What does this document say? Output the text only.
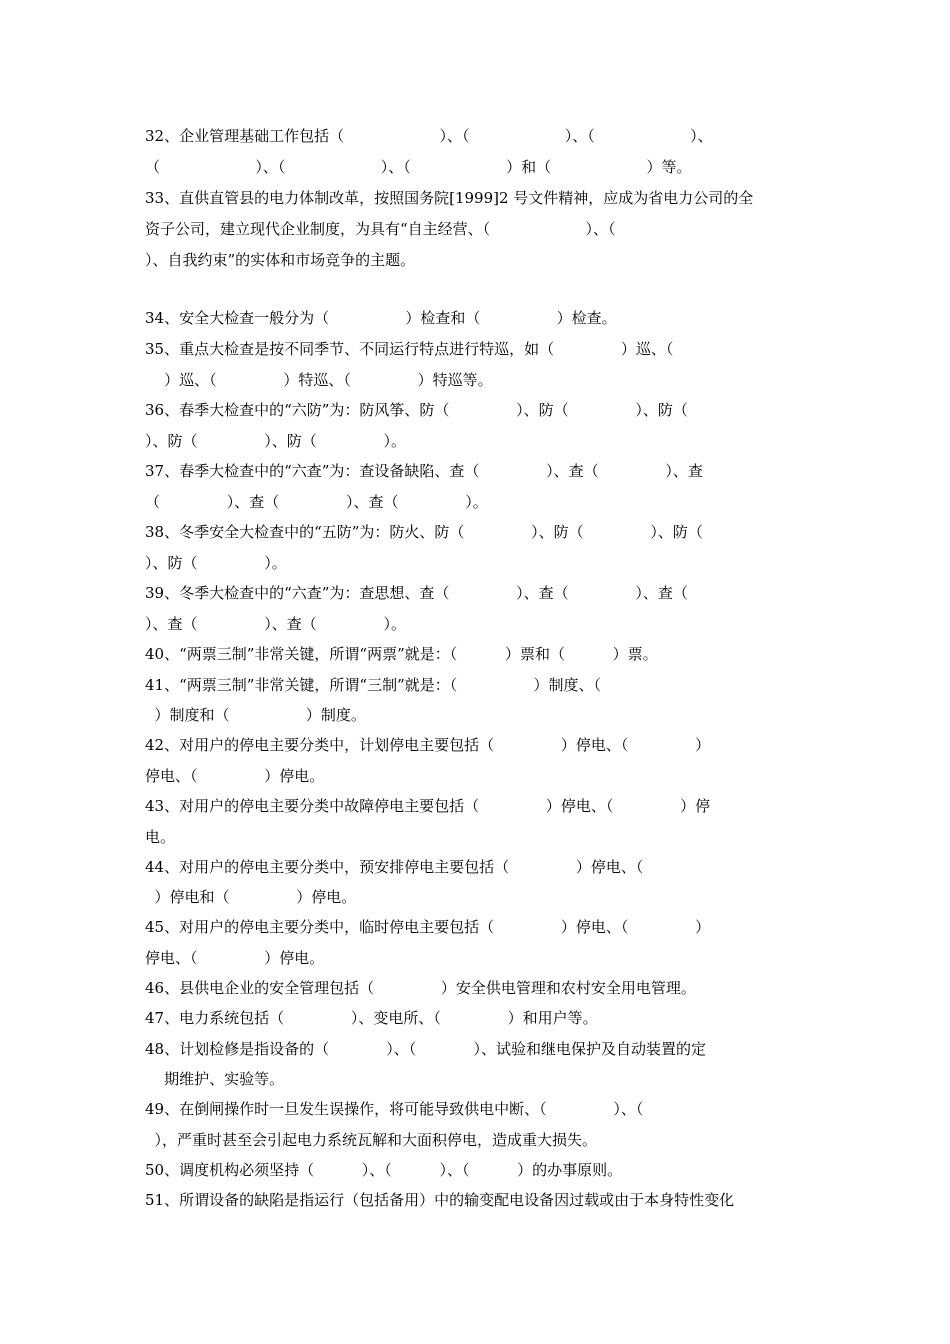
32、企业管理基础工作包括（                    ）、（                    ）、（                    ）、
（                    ）、（                    ）、（                    ）和（                    ）等。
33、直供直管县的电力体制改革，按照国务院[1999]2 号文件精神，应成为省电力公司的全
资子公司，建立现代企业制度，为具有“自主经营、（                    ）、（
）、自我约束”的实体和市场竞争的主题。
34、安全大检查一般分为（                ）检查和（                ）检查。
35、重点大检查是按不同季节、不同运行特点进行特巡，如（              ）巡、（
）巡、（              ）特巡、（              ）特巡等。
36、春季大检查中的“六防”为：防风筝、防（              ）、防（              ）、防（
）、防（              ）、防（              ）。
37、春季大检查中的“六查”为：查设备缺陷、查（              ）、查（              ）、查
（              ）、查（              ）、查（              ）。
38、冬季安全大检查中的“五防”为：防火、防（              ）、防（              ）、防（
）、防（              ）。
39、冬季大检查中的“六查”为：查思想、查（              ）、查（              ）、查（
）、查（              ）、查（              ）。
40、“两票三制”非常关键，所谓“两票”就是：（          ）票和（          ）票。
41、“两票三制”非常关键，所谓“三制”就是：（                ）制度、（
）制度和（                ）制度。
42、对用户的停电主要分类中，计划停电主要包括（              ）停电、（              ）
停电、（              ）停电。
43、对用户的停电主要分类中故障停电主要包括（              ）停电、（              ）停
电。
44、对用户的停电主要分类中，预安排停电主要包括（              ）停电、（
）停电和（              ）停电。
45、对用户的停电主要分类中，临时停电主要包括（              ）停电、（              ）
停电、（              ）停电。
46、县供电企业的安全管理包括（              ）安全供电管理和农村安全用电管理。
47、电力系统包括（              ）、变电所、（              ）和用户等。
48、计划检修是指设备的（            ）、（            ）、试验和继电保护及自动装置的定
期维护、实验等。
49、在倒闸操作时一旦发生误操作，将可能导致供电中断、（              ）、（
），严重时甚至会引起电力系统瓦解和大面积停电，造成重大损失。
50、调度机构必须坚持（          ）、（          ）、（          ）的办事原则。
51、所谓设备的缺陷是指运行（包括备用）中的输变配电设备因过载或由于本身特性变化
